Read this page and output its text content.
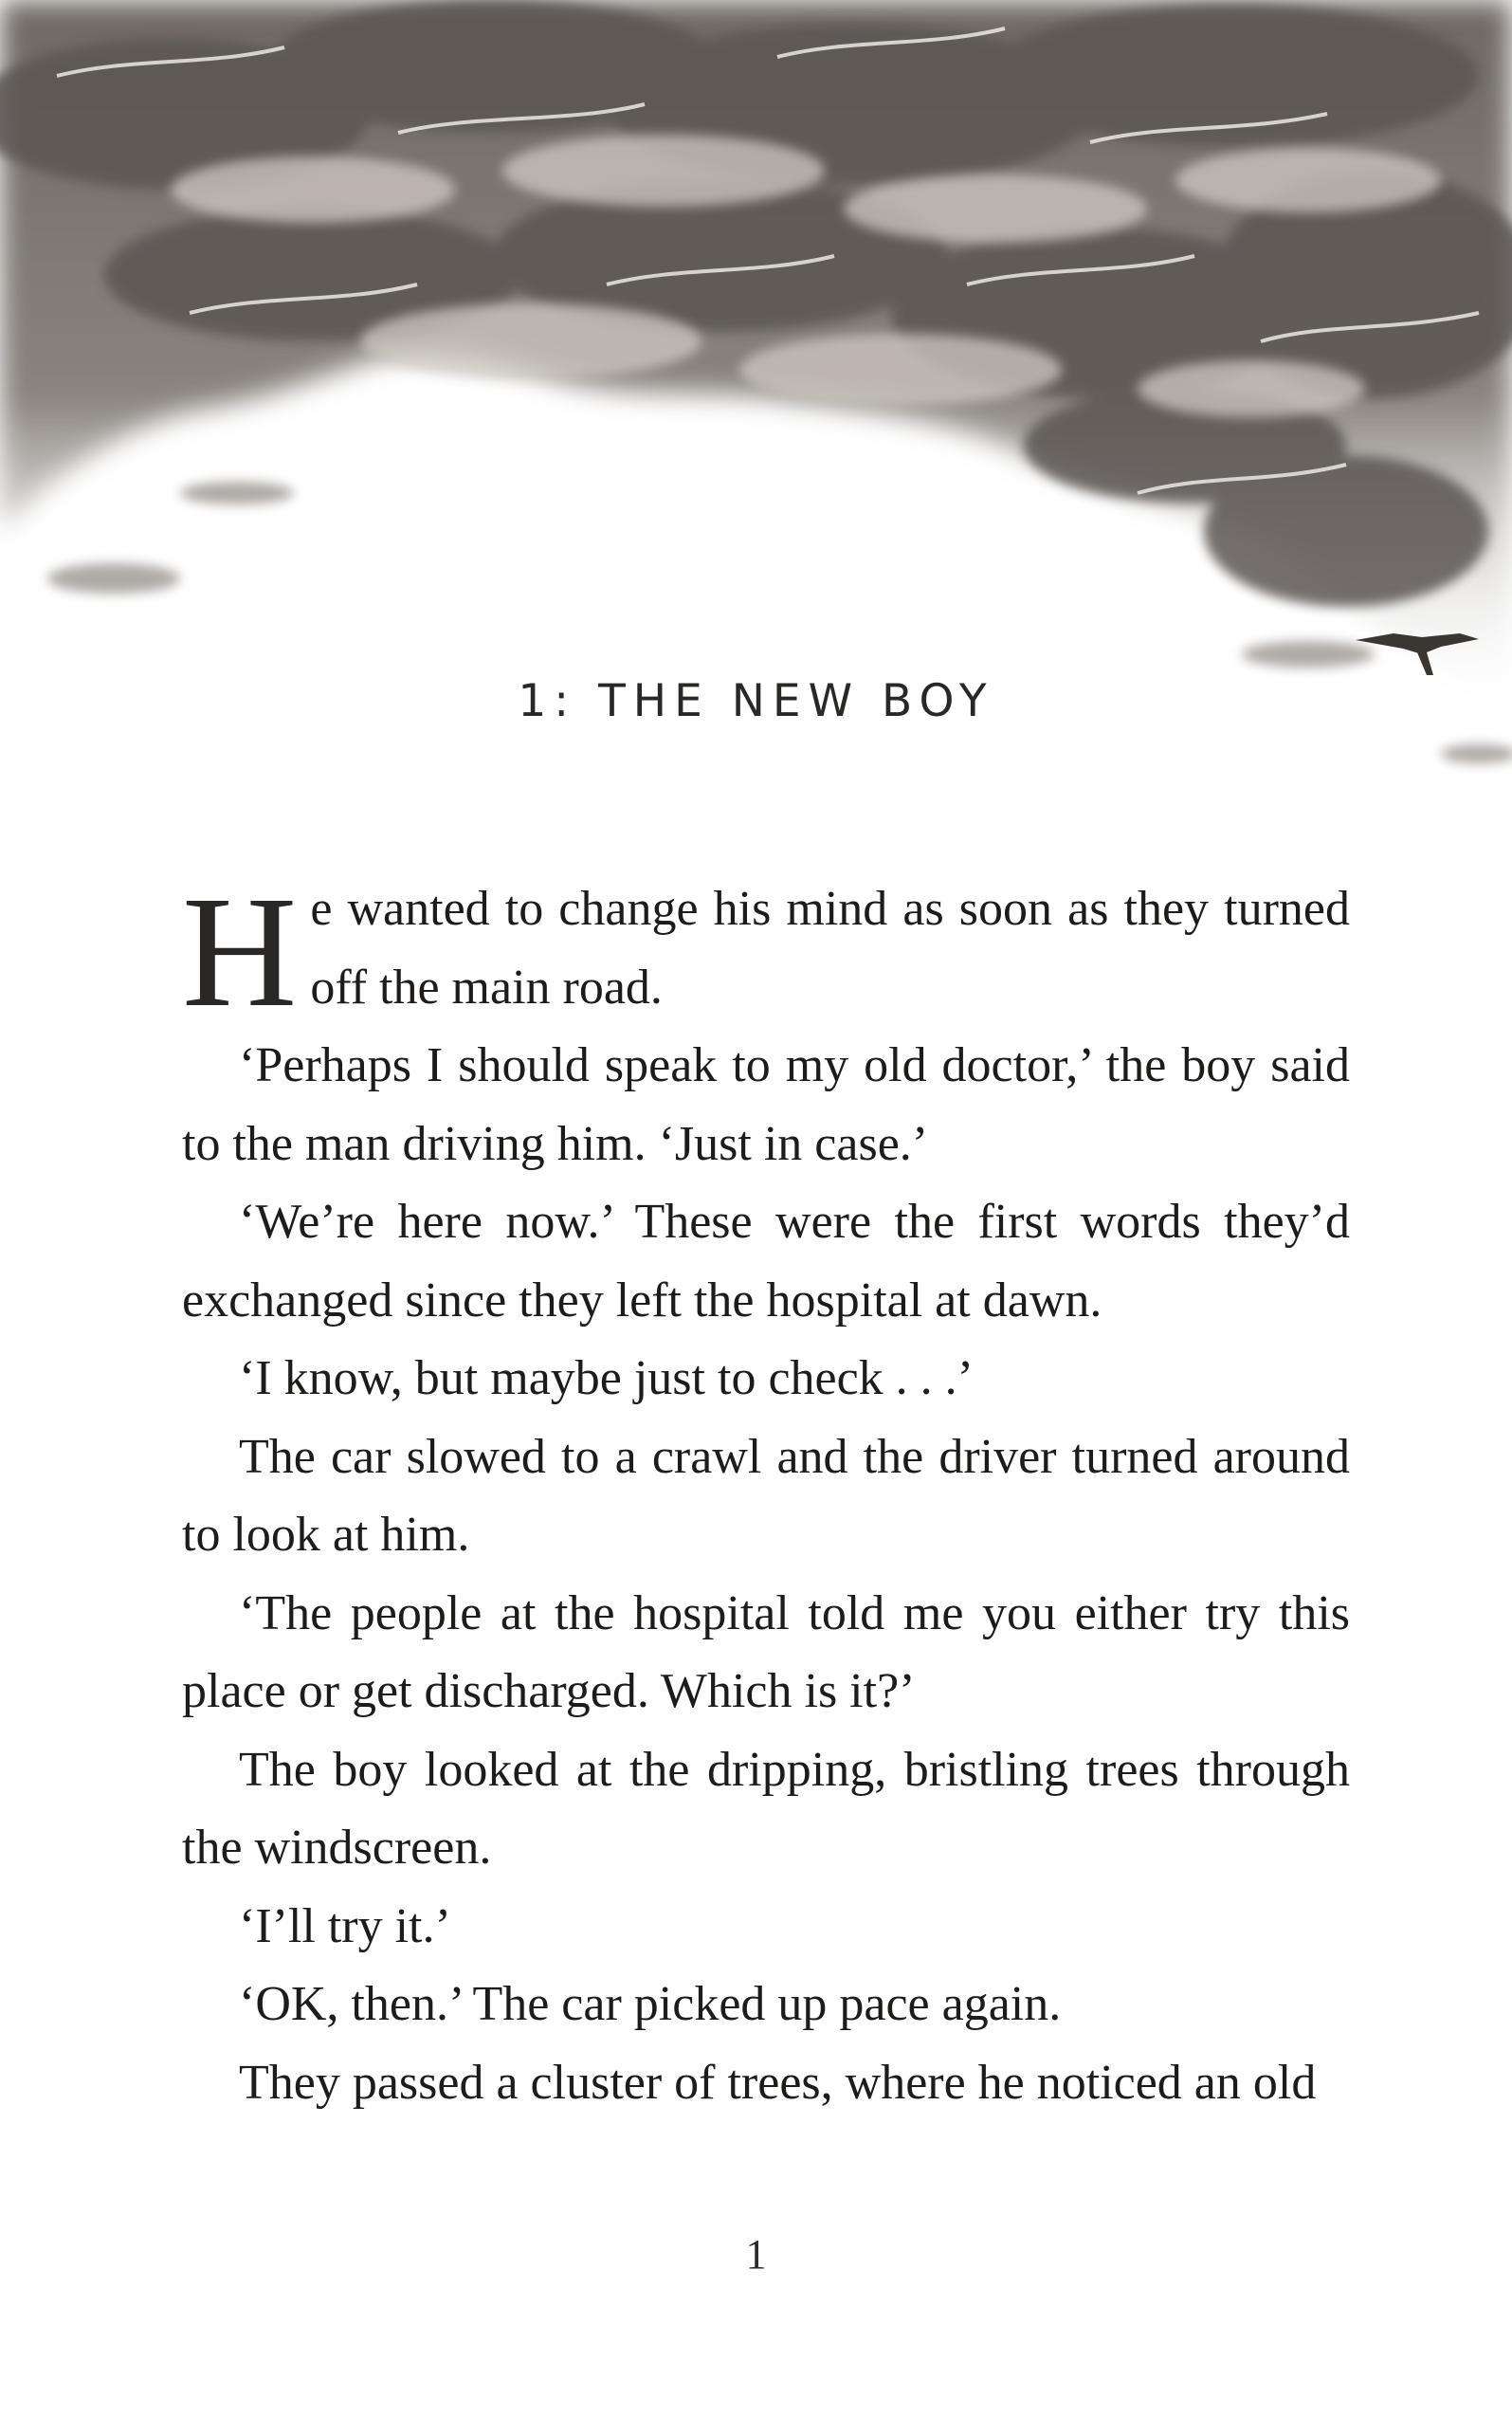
1: THE NEW BOY

He wanted to change his mind as soon as they turned off the main road.

‘Perhaps I should speak to my old doctor,’ the boy said to the man driving him. ‘Just in case.’

‘We’re here now.’ These were the first words they’d exchanged since they left the hospital at dawn.

‘I know, but maybe just to check . . .’

The car slowed to a crawl and the driver turned around to look at him.

‘The people at the hospital told me you either try this place or get discharged. Which is it?’

The boy looked at the dripping, bristling trees through the windscreen.

‘I’ll try it.’

‘OK, then.’ The car picked up pace again.

They passed a cluster of trees, where he noticed an old

1
